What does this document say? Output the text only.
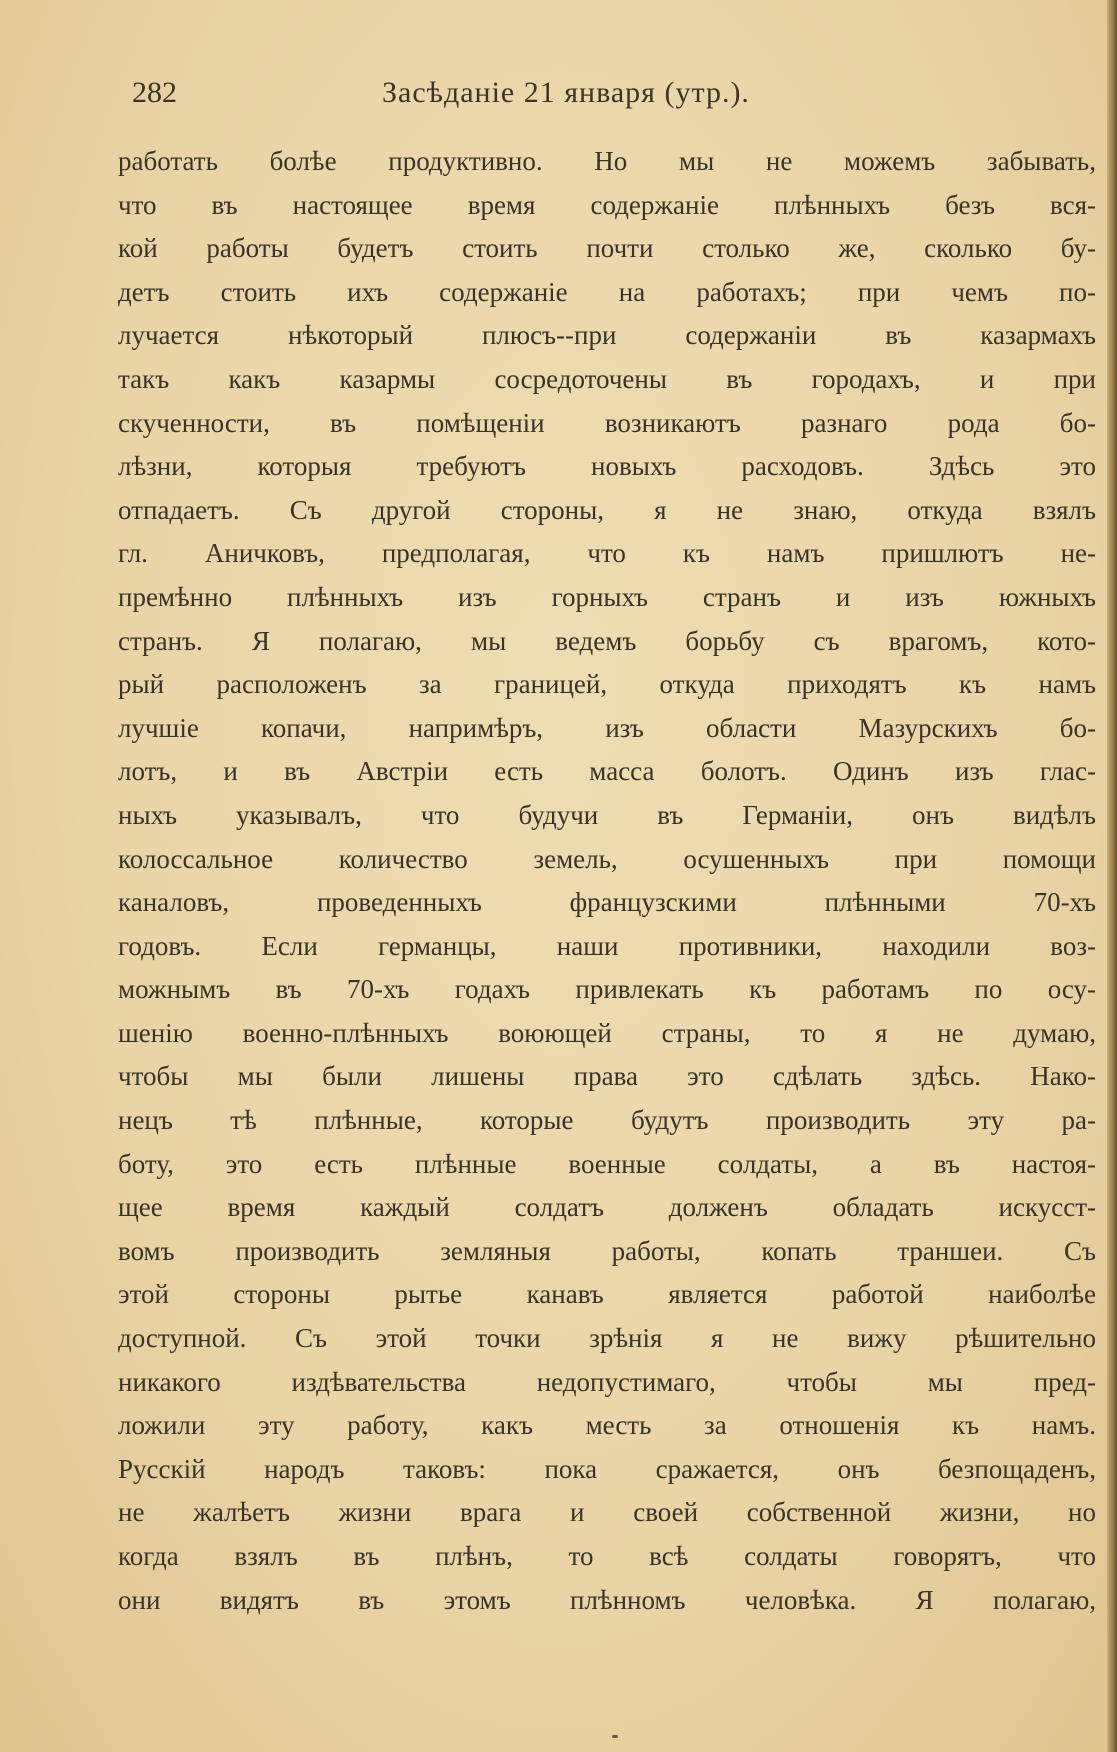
282	Засѣданіе 21 января (утр.).
работать болѣе продуктивно. Но мы не можемъ забывать,
что въ настоящее время содержаніе плѣнныхъ безъ вся-
кой работы будетъ стоить почти столько же, сколько бу-
детъ стоить ихъ содержаніе на работахъ; при чемъ по-
лучается нѣкоторый плюсъ--при содержаніи въ казармахъ
такъ какъ казармы сосредоточены въ городахъ, и при
скученности, въ помѣщеніи возникаютъ разнаго рода бо-
лѣзни, которыя требуютъ новыхъ расходовъ. Здѣсь это
отпадаетъ. Съ другой стороны, я не знаю, откуда взялъ
гл. Аничковъ, предполагая, что къ намъ пришлютъ не-
премѣнно плѣнныхъ изъ горныхъ странъ и изъ южныхъ
странъ. Я полагаю, мы ведемъ борьбу съ врагомъ, кото-
рый расположенъ за границей, откуда приходятъ къ намъ
лучшіе копачи, напримѣръ, изъ области Мазурскихъ бо-
лотъ, и въ Австріи есть масса болотъ. Одинъ изъ глас-
ныхъ указывалъ, что будучи въ Германіи, онъ видѣлъ
колоссальное количество земель, осушенныхъ при помощи
каналовъ, проведенныхъ французскими плѣнными 70-хъ
годовъ. Если германцы, наши противники, находили воз-
можнымъ въ 70-хъ годахъ привлекать къ работамъ по осу-
шенію военно-плѣнныхъ воюющей страны, то я не думаю,
чтобы мы были лишены права это сдѣлать здѣсь. Нако-
нецъ тѣ плѣнные, которые будутъ производить эту ра-
боту, это есть плѣнные военные солдаты, а въ настоя-
щее время каждый солдатъ долженъ обладать искусст-
вомъ производить земляныя работы, копать траншеи. Съ
этой стороны рытье канавъ является работой наиболѣе
доступной. Съ этой точки зрѣнія я не вижу рѣшительно
никакого издѣвательства недопустимаго, чтобы мы пред-
ложили эту работу, какъ месть за отношенія къ намъ.
Русскій народъ таковъ: пока сражается, онъ безпощаденъ,
не жалѣетъ жизни врага и своей собственной жизни, но
когда взялъ въ плѣнъ, то всѣ солдаты говорятъ, что
они видятъ въ этомъ плѣнномъ человѣка. Я полагаю,
